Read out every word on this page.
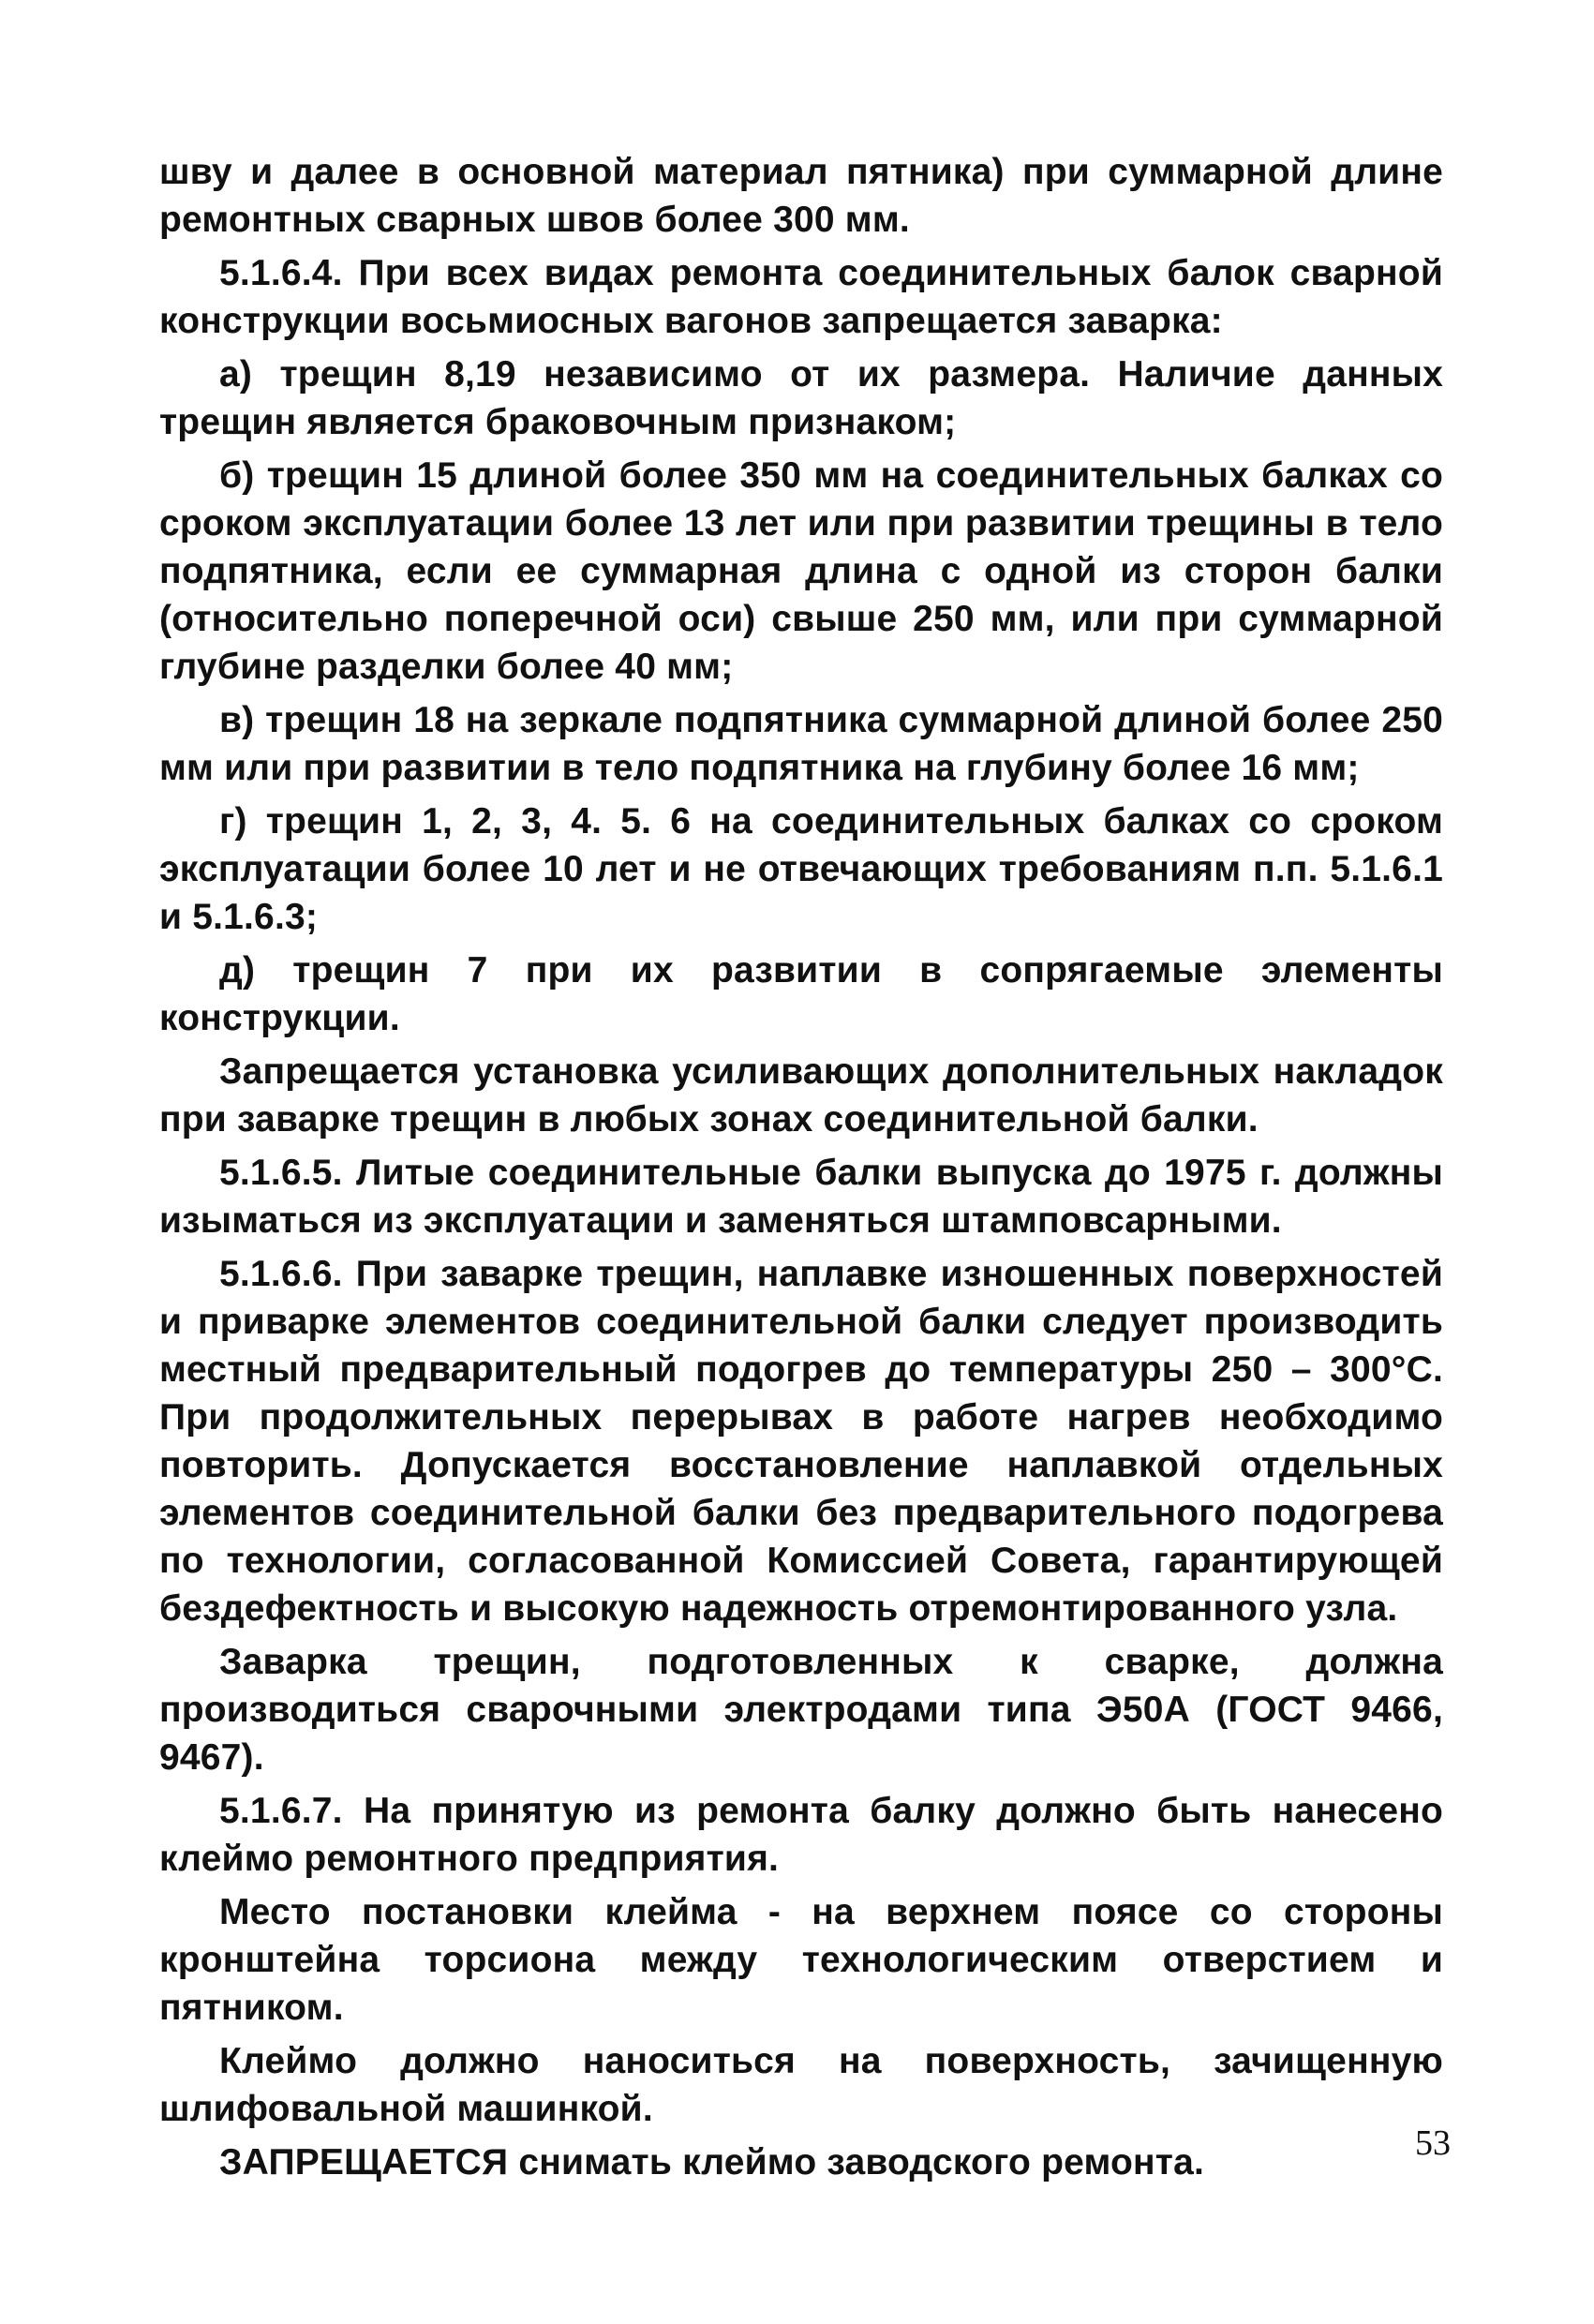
шву и далее в основной материал пятника) при суммарной длине ремонтных сварных швов более 300 мм.

5.1.6.4. При всех видах ремонта соединительных балок сварной конструкции восьмиосных вагонов запрещается заварка:

а) трещин 8,19 независимо от их размера. Наличие данных трещин является браковочным признаком;

б) трещин 15 длиной более 350 мм на соединительных балках со сроком эксплуатации более 13 лет или при развитии трещины в тело подпятника, если ее суммарная длина с одной из сторон балки (относительно поперечной оси) свыше 250 мм, или при суммарной глубине разделки более 40 мм;

в) трещин 18 на зеркале подпятника суммарной длиной более 250 мм или при развитии в тело подпятника на глубину более 16 мм;

г) трещин 1, 2, 3, 4. 5. 6 на соединительных балках со сроком эксплуатации более 10 лет и не отвечающих требованиям п.п. 5.1.6.1 и 5.1.6.3;

д) трещин 7 при их развитии в сопрягаемые элементы конструкции.

Запрещается установка усиливающих дополнительных накладок при заварке трещин в любых зонах соединительной балки.

5.1.6.5. Литые соединительные балки выпуска до 1975 г. должны изыматься из эксплуатации и заменяться штамповсарными.

5.1.6.6. При заварке трещин, наплавке изношенных поверхностей и приварке элементов соединительной балки следует производить местный предварительный подогрев до температуры 250 – 300°С. При продолжительных перерывах в работе нагрев необходимо повторить. Допускается восстановление наплавкой отдельных элементов соединительной балки без предварительного подогрева по технологии, согласованной Комиссией Совета, гарантирующей бездефектность и высокую надежность отремонтированного узла.

Заварка трещин, подготовленных к сварке, должна производиться сварочными электродами типа Э50А (ГОСТ 9466, 9467).

5.1.6.7. На принятую из ремонта балку должно быть нанесено клеймо ремонтного предприятия.

Место постановки клейма - на верхнем поясе со стороны кронштейна торсиона между технологическим отверстием и пятником.

Клеймо должно наноситься на поверхность, зачищенную шлифовальной машинкой.

ЗАПРЕЩАЕТСЯ снимать клеймо заводского ремонта.	53
